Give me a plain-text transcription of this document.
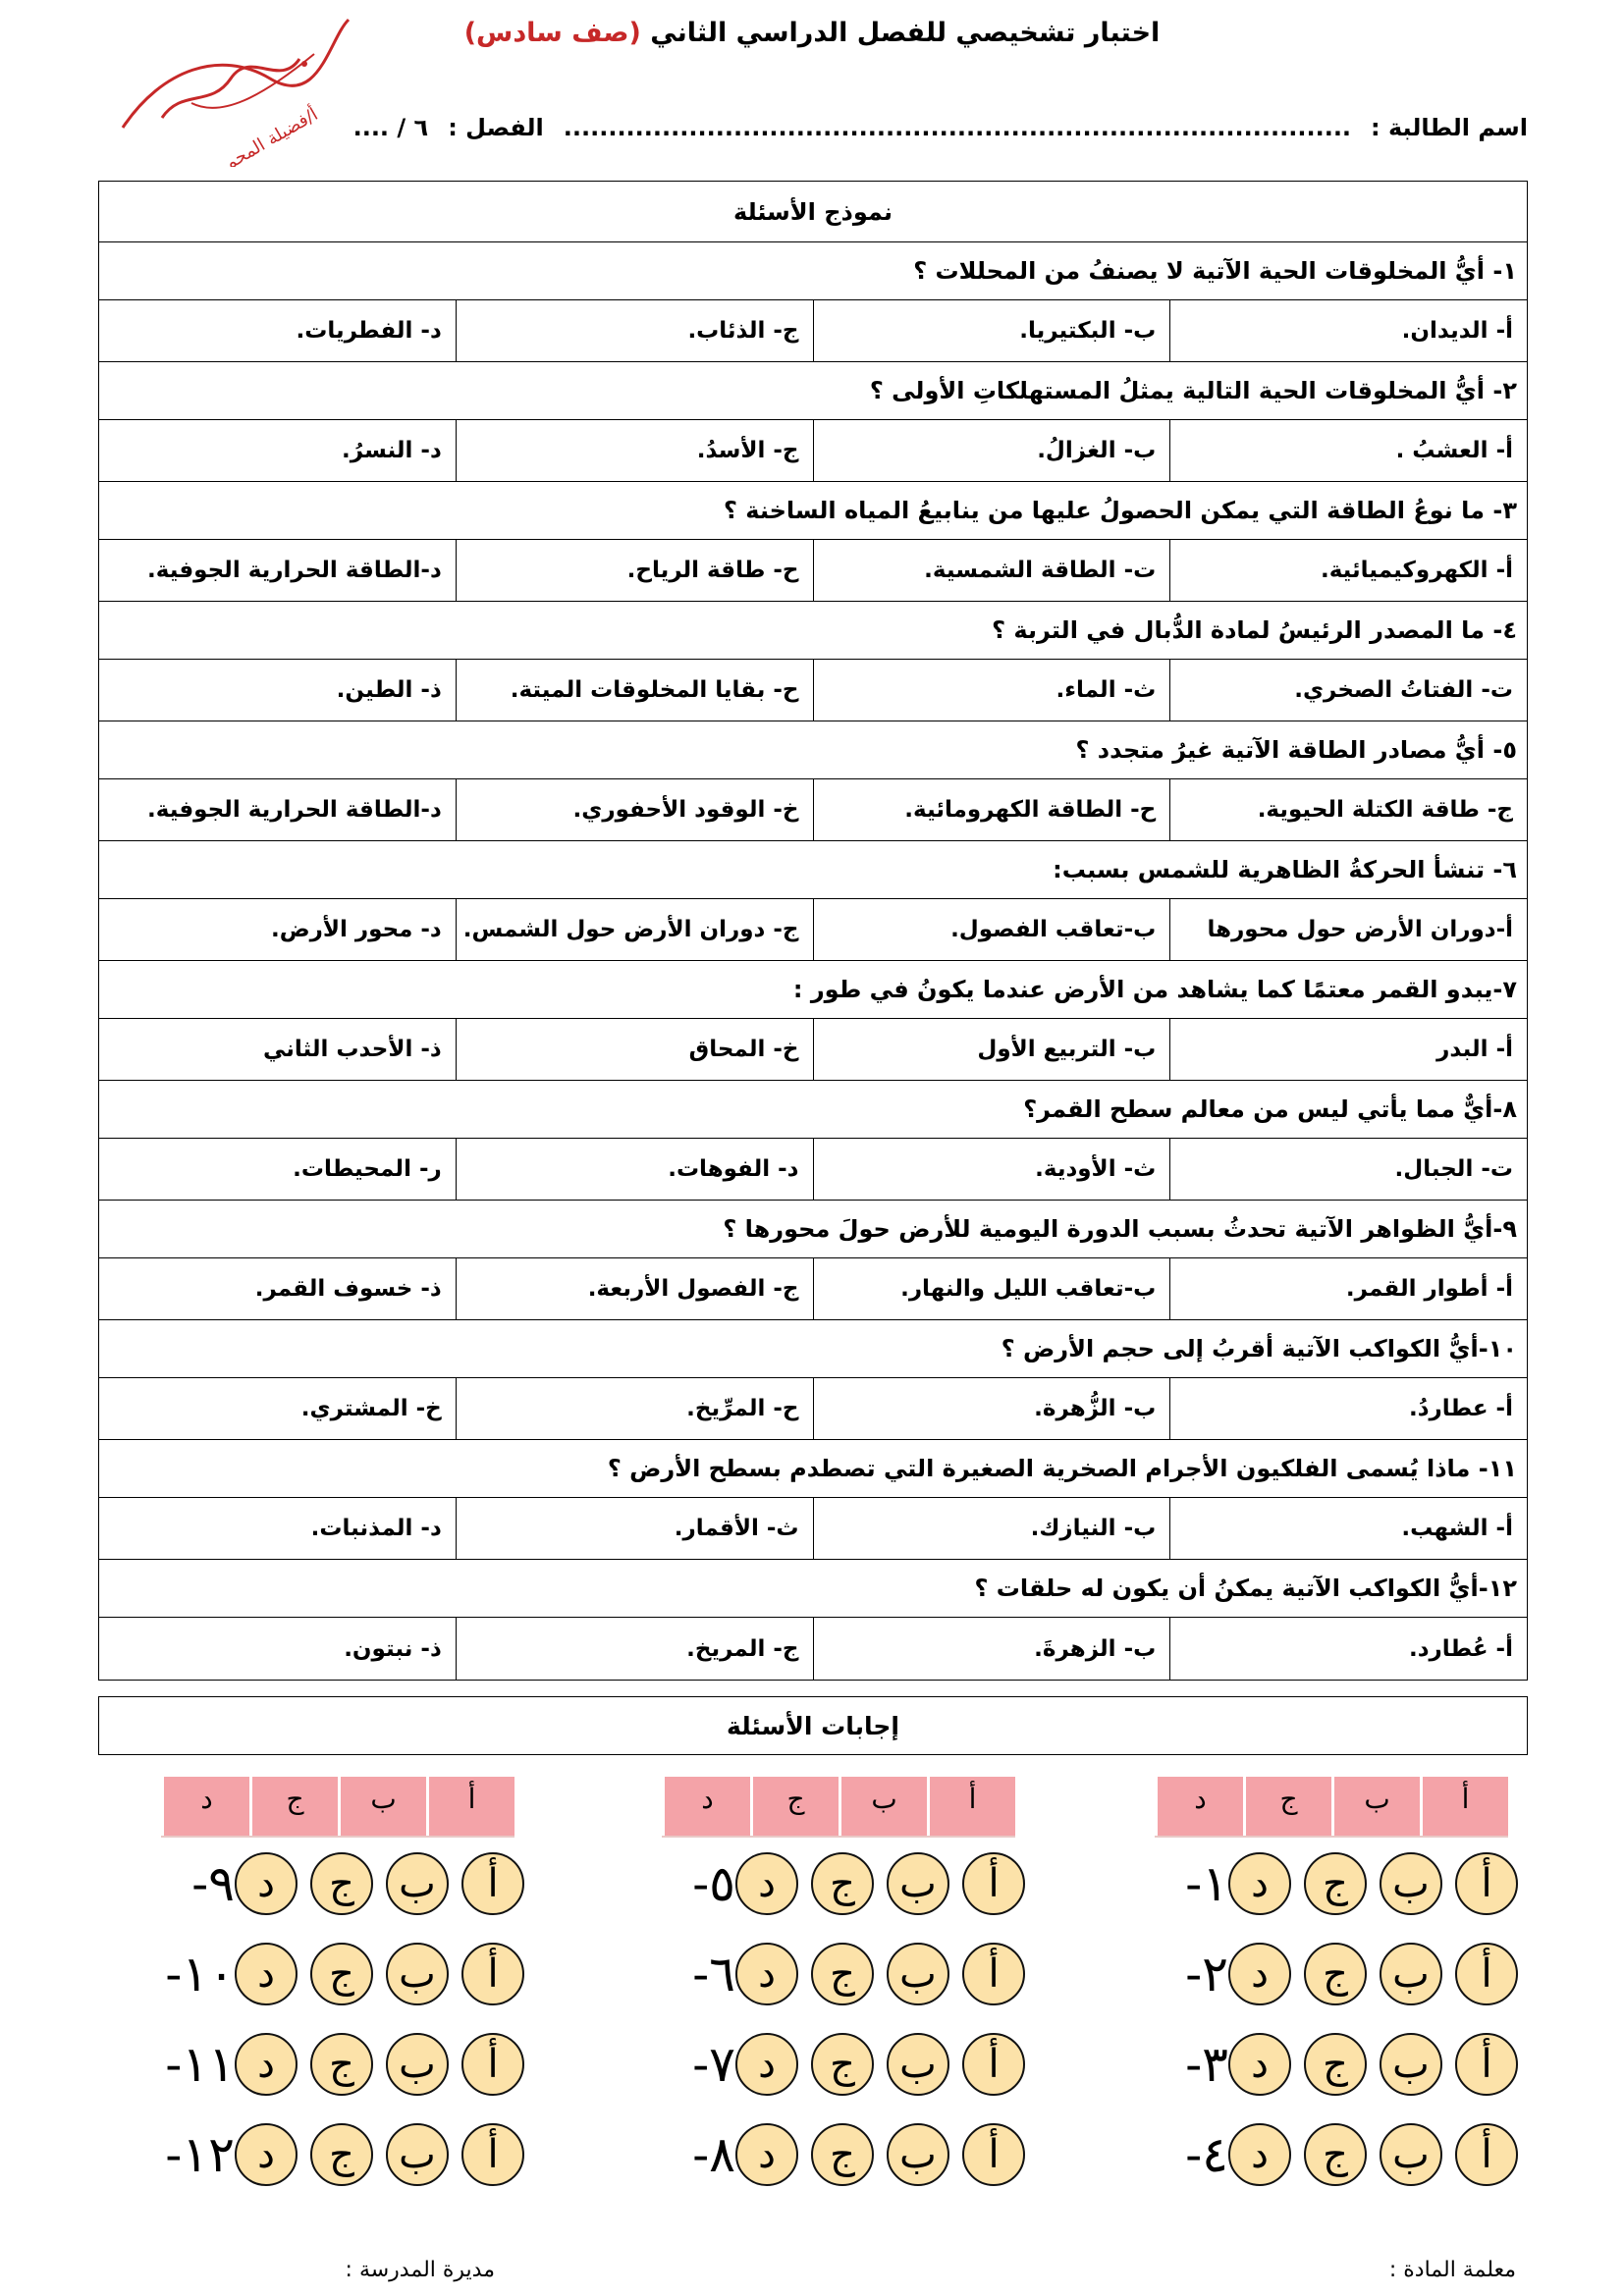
اختبار تشخيصي للفصل الدراسي الثاني (صف سادس)
أ/فضيلة المحمي	اسم الطالبة :
........................................................................................
الفصل :
٦ / ....
نموذج الأسئلة
١- أيُّ المخلوقات الحية الآتية لا يصنفُ من المحللات ؟
أ- الديدان.
ب- البكتيريا.
ج- الذئاب.
د- الفطريات.
٢- أيُّ المخلوقات الحية التالية يمثلُ المستهلكاتِ الأولى ؟
أ- العشبُ .
ب- الغزالُ.
ج- الأسدُ.
د- النسرُ.
٣- ما نوعُ الطاقة التي يمكن الحصولُ عليها من ينابيعُ المياه الساخنة ؟
أ- الكهروكيميائية.
ت- الطاقة الشمسية.
ح- طاقة الرياح.
د-الطاقة الحرارية الجوفية.
٤- ما المصدر الرئيسُ لمادة الدُّبال في التربة ؟
ت- الفتاتُ الصخري.
ث- الماء.
ح- بقايا المخلوقات الميتة.
ذ- الطين.
٥- أيُّ مصادر الطاقة الآتية غيرُ متجدد ؟
ج- طاقة الكتلة الحيوية.
ح- الطاقة الكهرومائية.
خ- الوقود الأحفوري.
د-الطاقة الحرارية الجوفية.
٦- تنشأ الحركةُ الظاهرية للشمس بسبب:
أ-دوران الأرض حول محورها
ب-تعاقب الفصول.
ج- دوران الأرض حول الشمس.
د- محور الأرض.
٧-يبدو القمر معتمًا كما يشاهد من الأرض عندما يكونُ في طور :
أ- البدر
ب- التربيع الأول
خ- المحاق
ذ- الأحدب الثاني
٨-أيٌّ مما يأتي ليس من معالم سطح القمر؟
ت- الجبال.
ث- الأودية.
د- الفوهات.
ر- المحيطات.
٩-أيُّ الظواهر الآتية تحدثُ بسبب الدورة اليومية للأرض حولَ محورها ؟
أ- أطوار القمر.
ب-تعاقب الليل والنهار.
ج- الفصول الأربعة.
ذ- خسوف القمر.
١٠-أيُّ الكواكب الآتية أقربُ إلى حجم الأرض ؟
أ- عطاردُ.
ب- الزُّهرة.
ح- المرِّيخ.
خ- المشتري.
١١- ماذا يُسمى الفلكيون الأجرام الصخرية الصغيرة التي تصطدم بسطح الأرض ؟
أ- الشهب.
ب- النيازك.
ث- الأقمار.
د- المذنبات.
١٢-أيُّ الكواكب الآتية يمكنُ أن يكون له حلقات ؟
أ- عُطارد.
ب- الزهرةَ.
ج- المريخ.
ذ- نبتون.
إجابات الأسئلة
أ
ب
ج
د
أ
ب
ج
د
١-
أ
ب
ج
د
٢-
أ
ب
ج
د
٣-
أ
ب
ج
د
٤-
أ
ب
ج
د
أ
ب
ج
د
٥-
أ
ب
ج
د
٦-
أ
ب
ج
د
٧-
أ
ب
ج
د
٨-
أ
ب
ج
د
أ
ب
ج
د
٩-
أ
ب
ج
د
١٠-
أ
ب
ج
د
١١-
أ
ب
ج
د
١٢-
معلمة المادة :
مديرة المدرسة :
